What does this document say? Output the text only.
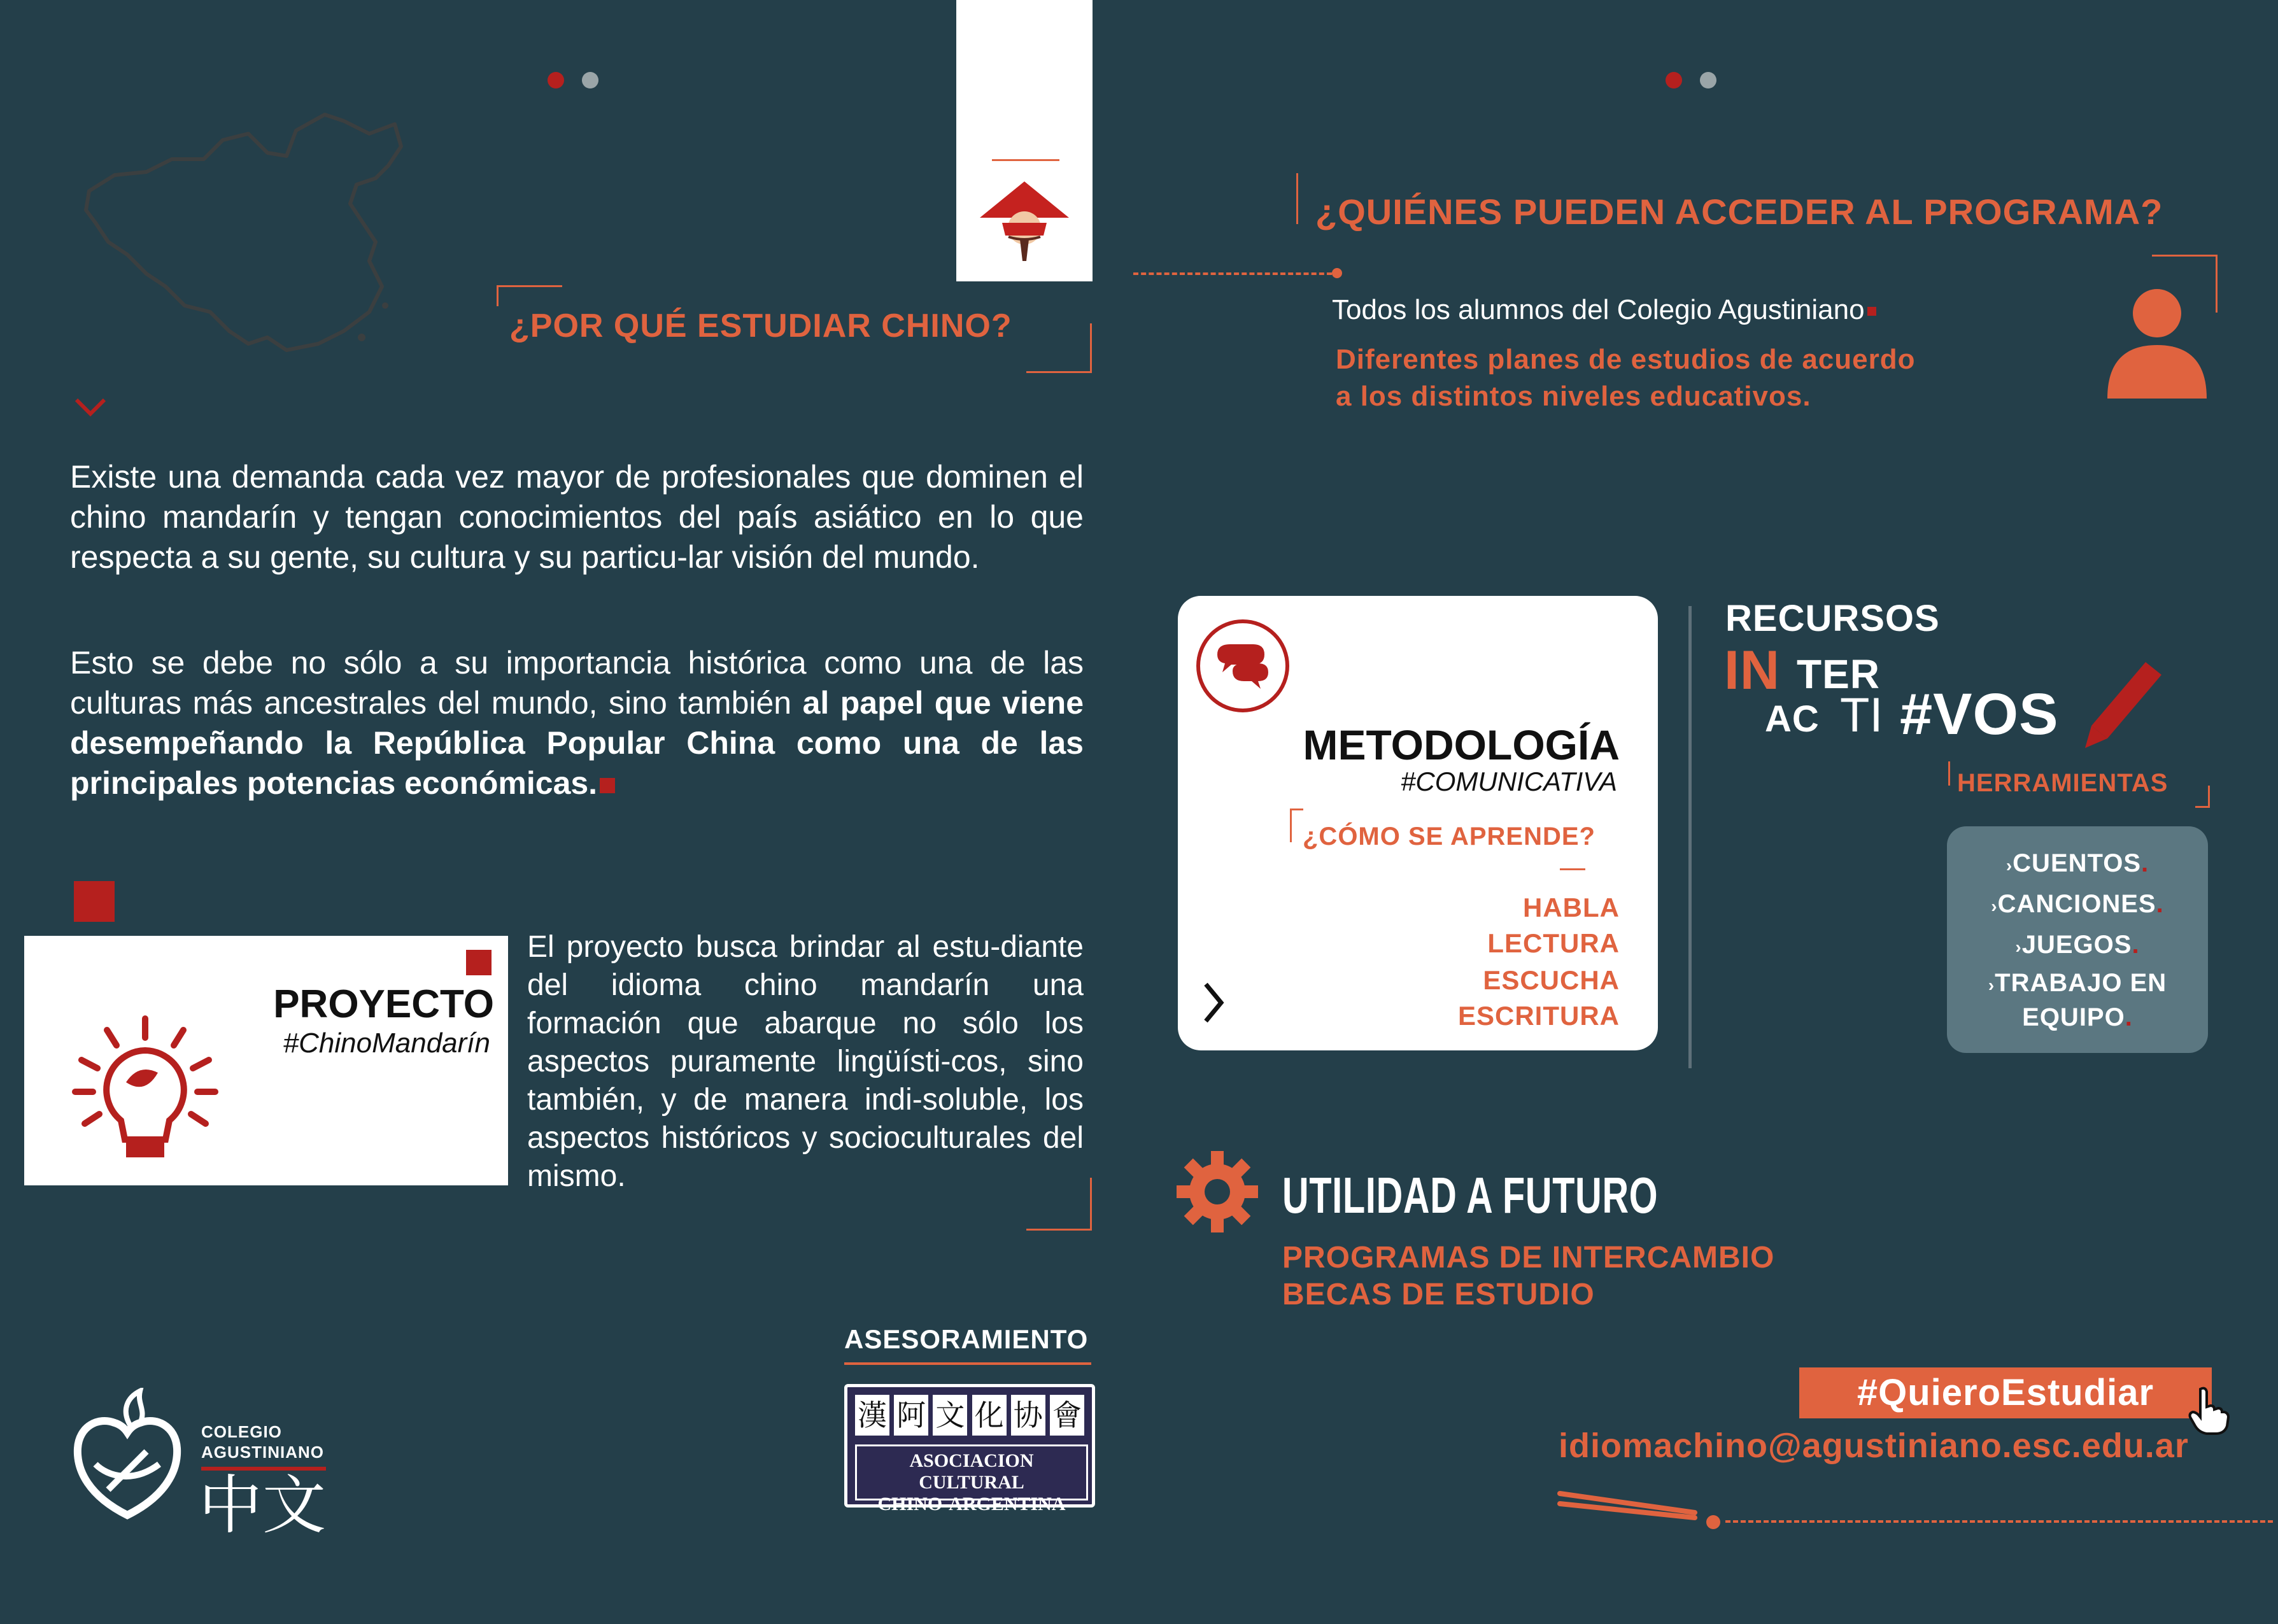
¿POR QUÉ ESTUDIAR CHINO?
Existe una demanda cada vez mayor de profesionales que dominen el chino mandarín y tengan conocimientos del país asiático en lo que respecta a su gente, su cultura y su particu-lar visión del mundo.
Esto se debe no sólo a su importancia histórica como una de las culturas más ancestrales del mundo, sino también al papel que viene desempeñando la República Popular China como una de las principales potencias económicas.
PROYECTO
#ChinoMandarín
El proyecto busca brindar al estu-diante del idioma chino mandarín una formación que abarque no sólo los aspectos puramente lingüísti-cos, sino también, y de manera indi-soluble, los aspectos históricos y socioculturales del mismo.
ASESORAMIENTO
漢 阿 文 化 协 會
ASOCIACION CULTURAL
CHINO-ARGENTINA
COLEGIO
AGUSTINIANO
中文
¿QUIÉNES PUEDEN ACCEDER AL PROGRAMA?
Todos los alumnos del Colegio Agustiniano
Diferentes planes de estudios de acuerdo
a los distintos niveles educativos.
METODOLOGÍA
#COMUNICATIVA
¿CÓMO SE APRENDE?
HABLA
LECTURA
ESCUCHA
ESCRITURA
RECURSOS
IN TER
AC TI #VOS
HERRAMIENTAS
›CUENTOS.
›CANCIONES.
›JUEGOS.
›TRABAJO EN
EQUIPO.
UTILIDAD A FUTURO
PROGRAMAS DE INTERCAMBIO
BECAS DE ESTUDIO
#QuieroEstudiar
idiomachino@agustiniano.esc.edu.ar
